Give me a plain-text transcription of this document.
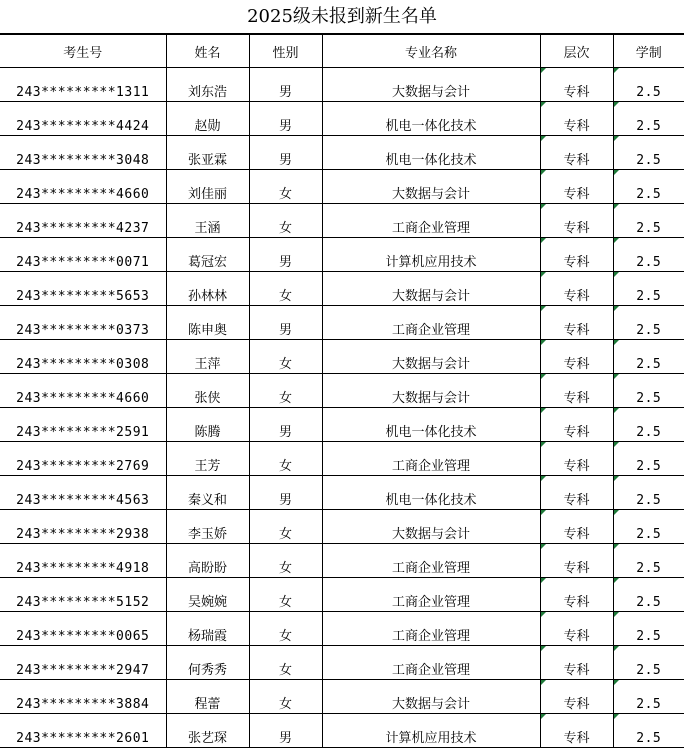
2025级未报到新生名单
考生号	姓名	性别	专业名称	层次	学制
243*********1311	刘东浩	男	大数据与会计	专科	2.5
243*********4424	赵勋	男	机电一体化技术	专科	2.5
243*********3048	张亚霖	男	机电一体化技术	专科	2.5
243*********4660	刘佳丽	女	大数据与会计	专科	2.5
243*********4237	王涵	女	工商企业管理	专科	2.5
243*********0071	葛冠宏	男	计算机应用技术	专科	2.5
243*********5653	孙林林	女	大数据与会计	专科	2.5
243*********0373	陈申奥	男	工商企业管理	专科	2.5
243*********0308	王萍	女	大数据与会计	专科	2.5
243*********4660	张侠	女	大数据与会计	专科	2.5
243*********2591	陈腾	男	机电一体化技术	专科	2.5
243*********2769	王芳	女	工商企业管理	专科	2.5
243*********4563	秦义和	男	机电一体化技术	专科	2.5
243*********2938	李玉娇	女	大数据与会计	专科	2.5
243*********4918	高盼盼	女	工商企业管理	专科	2.5
243*********5152	吴婉婉	女	工商企业管理	专科	2.5
243*********0065	杨瑞霞	女	工商企业管理	专科	2.5
243*********2947	何秀秀	女	工商企业管理	专科	2.5
243*********3884	程蕾	女	大数据与会计	专科	2.5
243*********2601	张艺琛	男	计算机应用技术	专科	2.5
